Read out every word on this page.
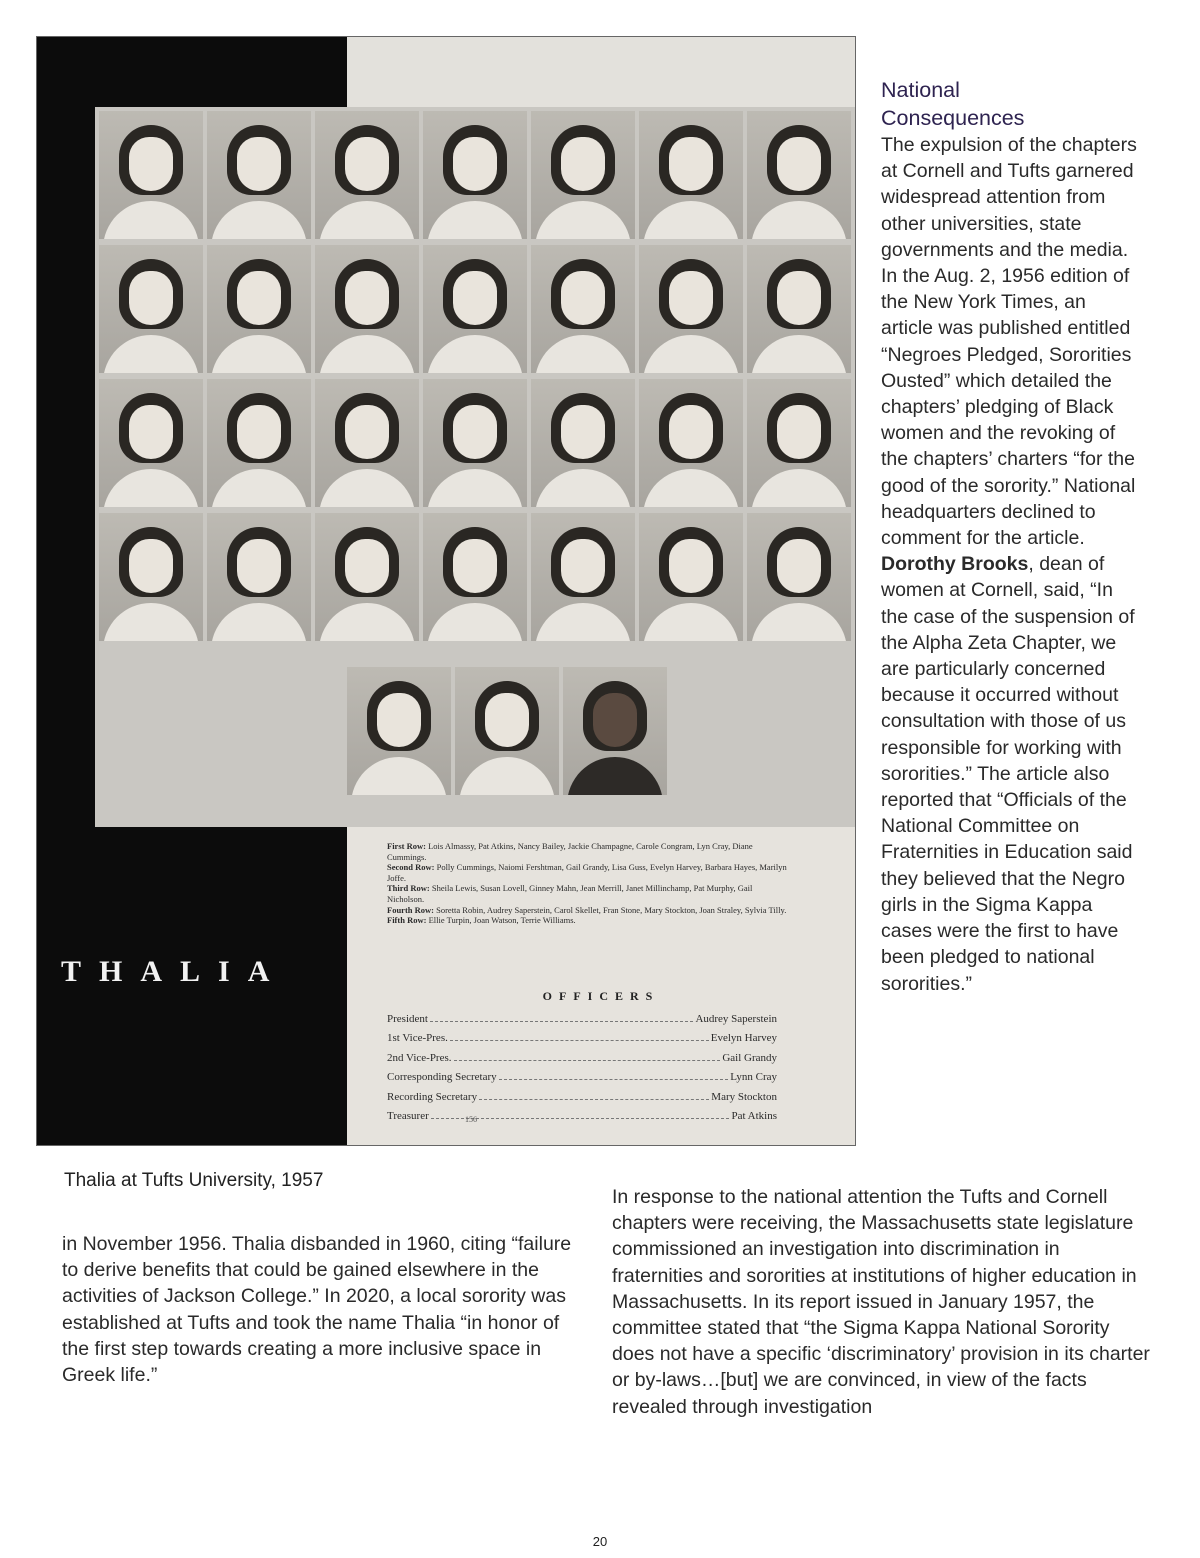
THALIA
First Row: Lois Almassy, Pat Atkins, Nancy Bailey, Jackie Champagne, Carole Congram, Lyn Cray, Diane Cummings.
Second Row: Polly Cummings, Naiomi Fershtman, Gail Grandy, Lisa Guss, Evelyn Harvey, Barbara Hayes, Marilyn Joffe.
Third Row: Sheila Lewis, Susan Lovell, Ginney Mahn, Jean Merrill, Janet Millinchamp, Pat Murphy, Gail Nicholson.
Fourth Row: Soretta Robin, Audrey Saperstein, Carol Skellet, Fran Stone, Mary Stockton, Joan Straley, Sylvia Tilly.
Fifth Row: Ellie Turpin, Joan Watson, Terrie Williams.
OFFICERS
President	Audrey Saperstein
1st Vice-Pres.	Evelyn Harvey
2nd Vice-Pres.	Gail Grandy
Corresponding Secretary	Lynn Cray
Recording Secretary	Mary Stockton
Treasurer	Pat Atkins
156
National
Consequences

The expulsion of the chapters at Cornell and Tufts garnered widespread attention from other universities, state governments and the media. In the Aug. 2, 1956 edition of the New York Times, an article was published entitled “Negroes Pledged, Sororities Ousted” which detailed the chapters’ pledging of Black women and the revoking of the chapters’ charters “for the good of the sorority.” National headquarters declined to comment for the article. Dorothy Brooks, dean of women at Cornell, said, “In the case of the suspension of the Alpha Zeta Chapter, we are particularly concerned because it occurred without consultation with those of us responsible for working with sororities.” The article also reported that “Officials of the National Committee on Fraternities in Education said they believed that the Negro girls in the Sigma Kappa cases were the first to have been pledged to national sororities.”

Thalia at Tufts University, 1957

in November 1956. Thalia disbanded in 1960, citing “failure to derive benefits that could be gained elsewhere in the activities of Jackson College.” In 2020, a local sorority was established at Tufts and took the name Thalia “in honor of the first step towards creating a more inclusive space in Greek life.”

In response to the national attention the Tufts and Cornell chapters were receiving, the Massachusetts state legislature commissioned an investigation into discrimination in fraternities and sororities at institutions of higher education in Massachusetts. In its report issued in January 1957, the committee stated that “the Sigma Kappa National Sorority does not have a specific ‘discriminatory’ provision in its charter or by-laws…[but] we are convinced, in view of the facts revealed through investigation

20
